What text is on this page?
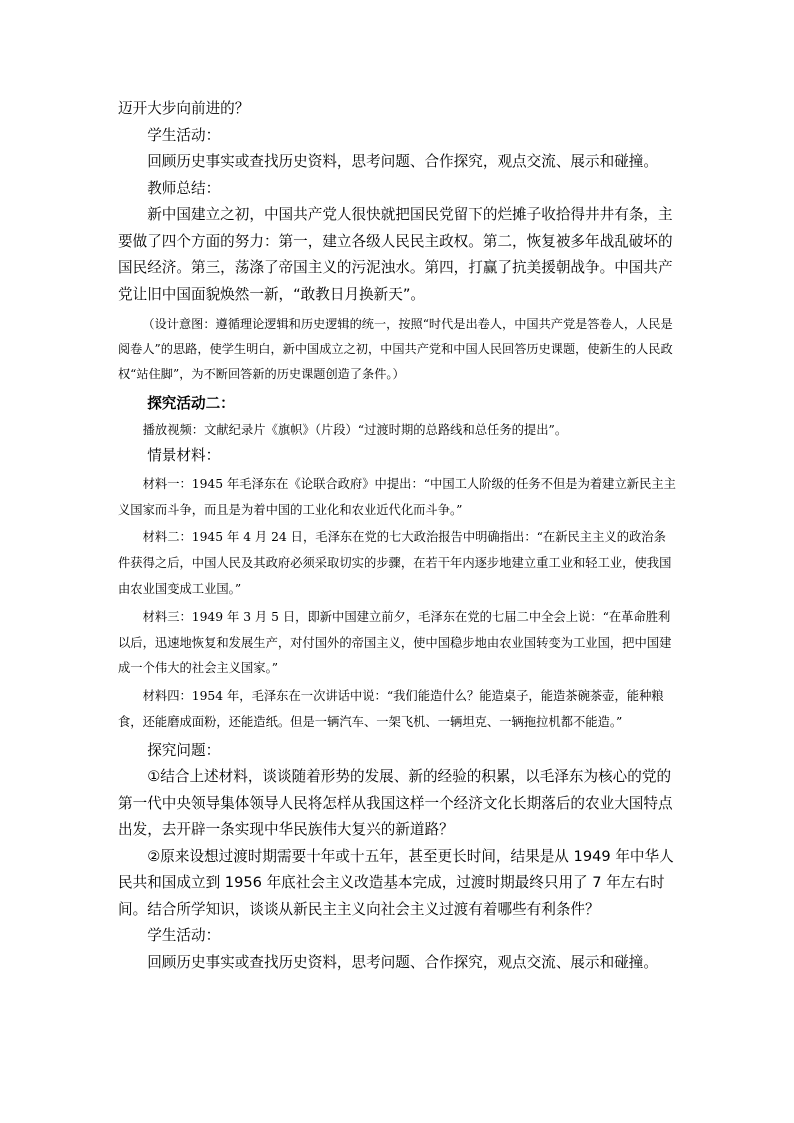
迈开大步向前进的？

学生活动：

回顾历史事实或查找历史资料，思考问题、合作探究，观点交流、展示和碰撞。

教师总结：

新中国建立之初，中国共产党人很快就把国民党留下的烂摊子收拾得井井有条，主要做了四个方面的努力：第一，建立各级人民民主政权。第二，恢复被多年战乱破坏的国民经济。第三，荡涤了帝国主义的污泥浊水。第四，打赢了抗美援朝战争。中国共产党让旧中国面貌焕然一新，“敢教日月换新天”。

（设计意图：遵循理论逻辑和历史逻辑的统一，按照“时代是出卷人，中国共产党是答卷人，人民是阅卷人”的思路，使学生明白，新中国成立之初，中国共产党和中国人民回答历史课题，使新生的人民政权“站住脚”，为不断回答新的历史课题创造了条件。）

探究活动二：

播放视频：文献纪录片《旗帜》（片段）“过渡时期的总路线和总任务的提出”。

情景材料：

材料一：1945 年毛泽东在《论联合政府》中提出：“中国工人阶级的任务不但是为着建立新民主主义国家而斗争，而且是为着中国的工业化和农业近代化而斗争。”

材料二：1945 年 4 月 24 日，毛泽东在党的七大政治报告中明确指出：“在新民主主义的政治条件获得之后，中国人民及其政府必须采取切实的步骤，在若干年内逐步地建立重工业和轻工业，使我国由农业国变成工业国。”

材料三：1949 年 3 月 5 日，即新中国建立前夕，毛泽东在党的七届二中全会上说：“在革命胜利以后，迅速地恢复和发展生产，对付国外的帝国主义，使中国稳步地由农业国转变为工业国，把中国建成一个伟大的社会主义国家。”

材料四：1954 年，毛泽东在一次讲话中说：“我们能造什么？能造桌子，能造茶碗茶壶，能种粮食，还能磨成面粉，还能造纸。但是一辆汽车、一架飞机、一辆坦克、一辆拖拉机都不能造。”

探究问题：

①结合上述材料，谈谈随着形势的发展、新的经验的积累，以毛泽东为核心的党的第一代中央领导集体领导人民将怎样从我国这样一个经济文化长期落后的农业大国特点出发，去开辟一条实现中华民族伟大复兴的新道路？

②原来设想过渡时期需要十年或十五年，甚至更长时间，结果是从 1949 年中华人民共和国成立到 1956 年底社会主义改造基本完成，过渡时期最终只用了 7 年左右时间。结合所学知识，谈谈从新民主主义向社会主义过渡有着哪些有利条件？

学生活动：

回顾历史事实或查找历史资料，思考问题、合作探究，观点交流、展示和碰撞。
